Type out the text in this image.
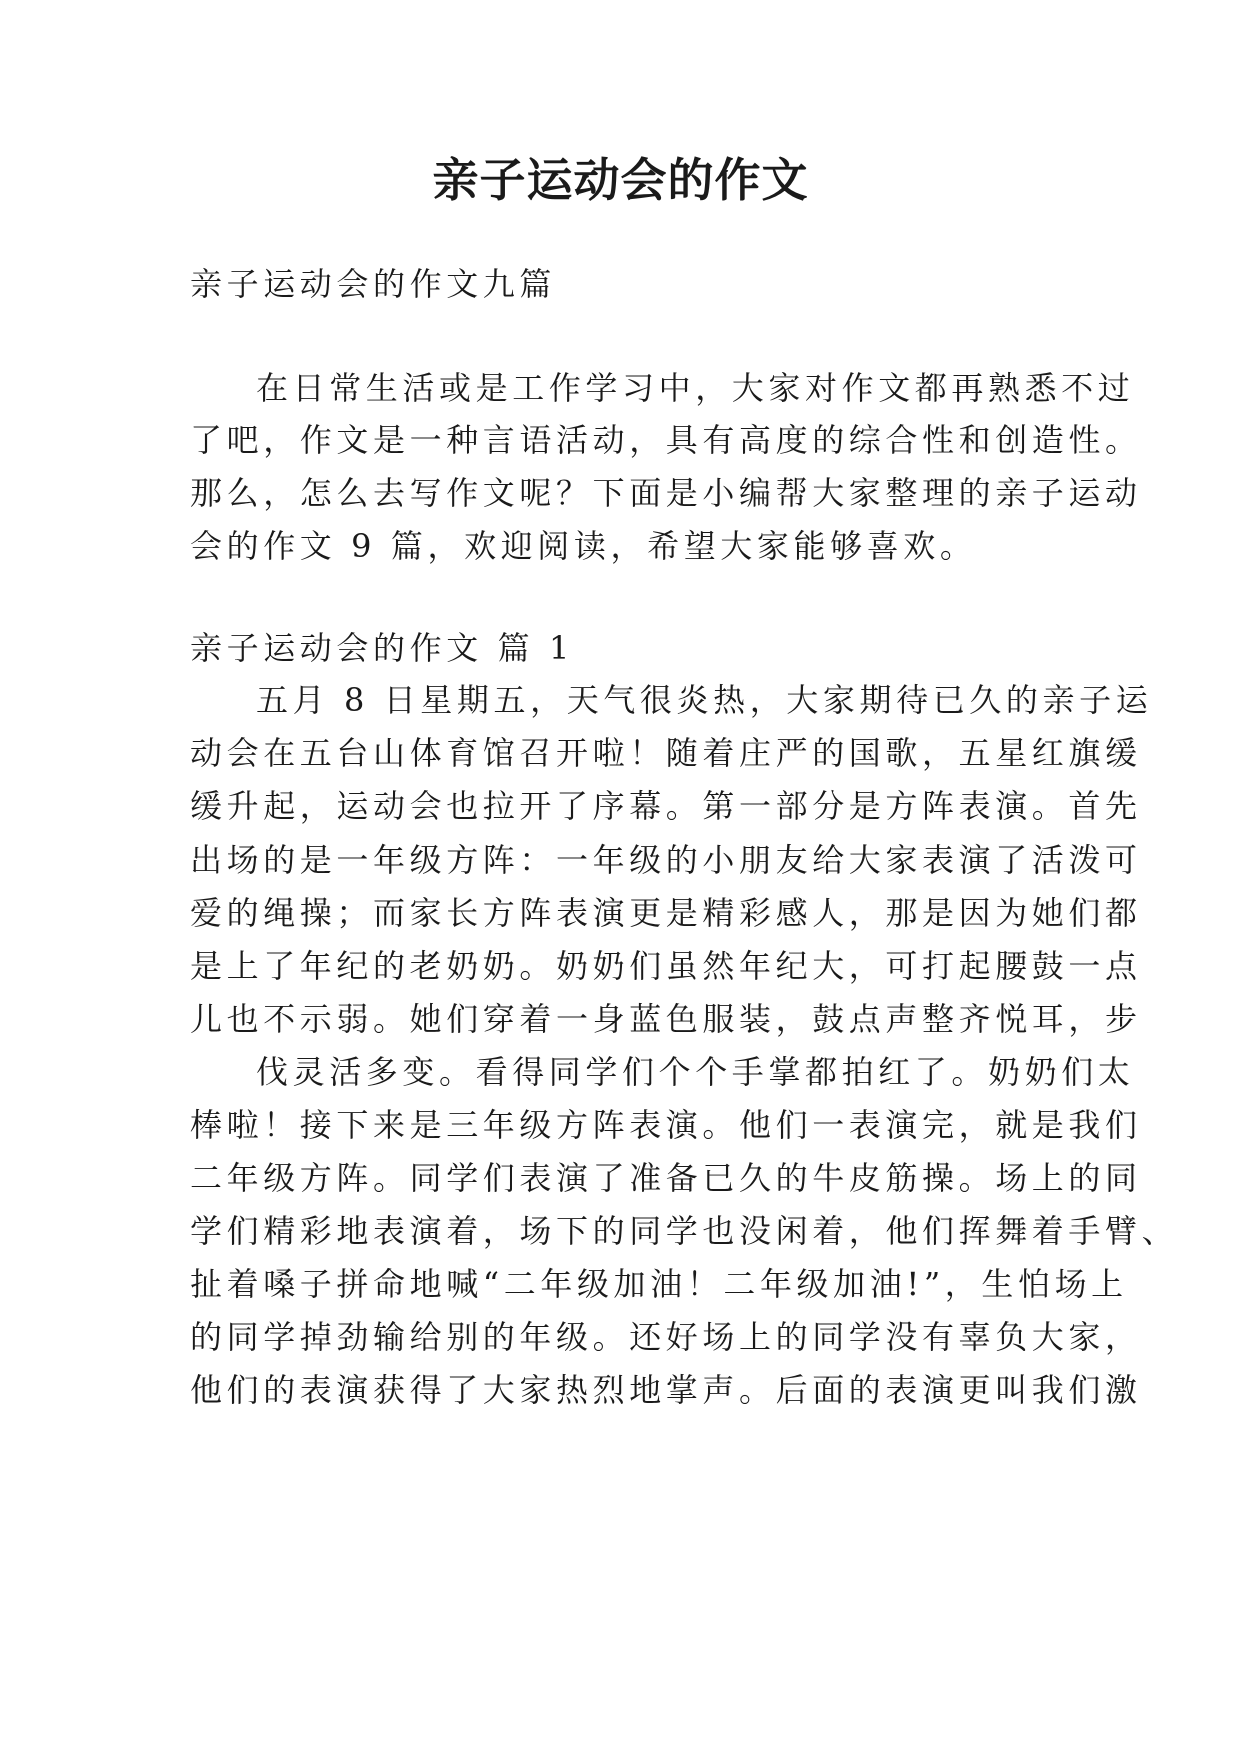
亲子运动会的作文
亲子运动会的作文九篇
在日常生活或是工作学习中，大家对作文都再熟悉不过
了吧，作文是一种言语活动，具有高度的综合性和创造性。
那么，怎么去写作文呢？下面是小编帮大家整理的亲子运动
会的作文 9 篇，欢迎阅读，希望大家能够喜欢。
亲子运动会的作文 篇 1
五月 8 日星期五，天气很炎热，大家期待已久的亲子运
动会在五台山体育馆召开啦！随着庄严的国歌，五星红旗缓
缓升起，运动会也拉开了序幕。第一部分是方阵表演。首先
出场的是一年级方阵：一年级的小朋友给大家表演了活泼可
爱的绳操；而家长方阵表演更是精彩感人，那是因为她们都
是上了年纪的老奶奶。奶奶们虽然年纪大，可打起腰鼓一点
儿也不示弱。她们穿着一身蓝色服装，鼓点声整齐悦耳，步
伐灵活多变。看得同学们个个手掌都拍红了。奶奶们太
棒啦！接下来是三年级方阵表演。他们一表演完，就是我们
二年级方阵。同学们表演了准备已久的牛皮筋操。场上的同
学们精彩地表演着，场下的同学也没闲着，他们挥舞着手臂、
扯着嗓子拼命地喊“二年级加油！二年级加油!”，生怕场上
的同学掉劲输给别的年级。还好场上的同学没有辜负大家，
他们的表演获得了大家热烈地掌声。后面的表演更叫我们激
